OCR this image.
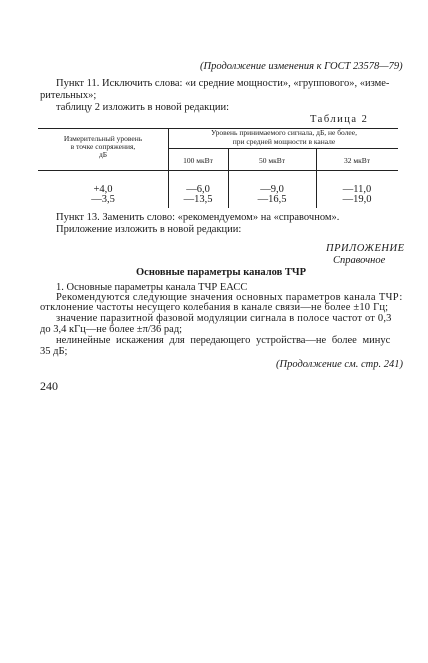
(Продолжение изменения к ГОСТ 23578—79)
Пункт 11. Исключить слова: «и средние мощности», «группового», «изме-
рительных»;
таблицу 2 изложить в новой редакции:
Таблица 2
Измерительный уровень
в точке сопряжения,
дБ
Уровень принимаемого сигнала, дБ, не более,
при средней мощности в канале
100 мкВт	50 мкВт	32 мкВт
+4,0	—6,0	—9,0	—11,0
—3,5	—13,5	—16,5	—19,0
Пункт 13. Заменить слово: «рекомендуемом» на «справочном».
Приложение изложить в новой редакции:
ПРИЛОЖЕНИЕ
Справочное
Основные параметры каналов ТЧР
1. Основные параметры канала ТЧР ЕАСС
Рекомендуются следующие значения основных параметров канала ТЧР:
отклонение частоты несущего колебания в канале связи—не более ±10 Гц;
значение паразитной фазовой модуляции сигнала в полосе частот от 0,3
до 3,4 кГц—не более ±π/36 рад;
нелинейные искажения для передающего устройства—не более минус
35 дБ;
(Продолжение см. стр. 241)
240
